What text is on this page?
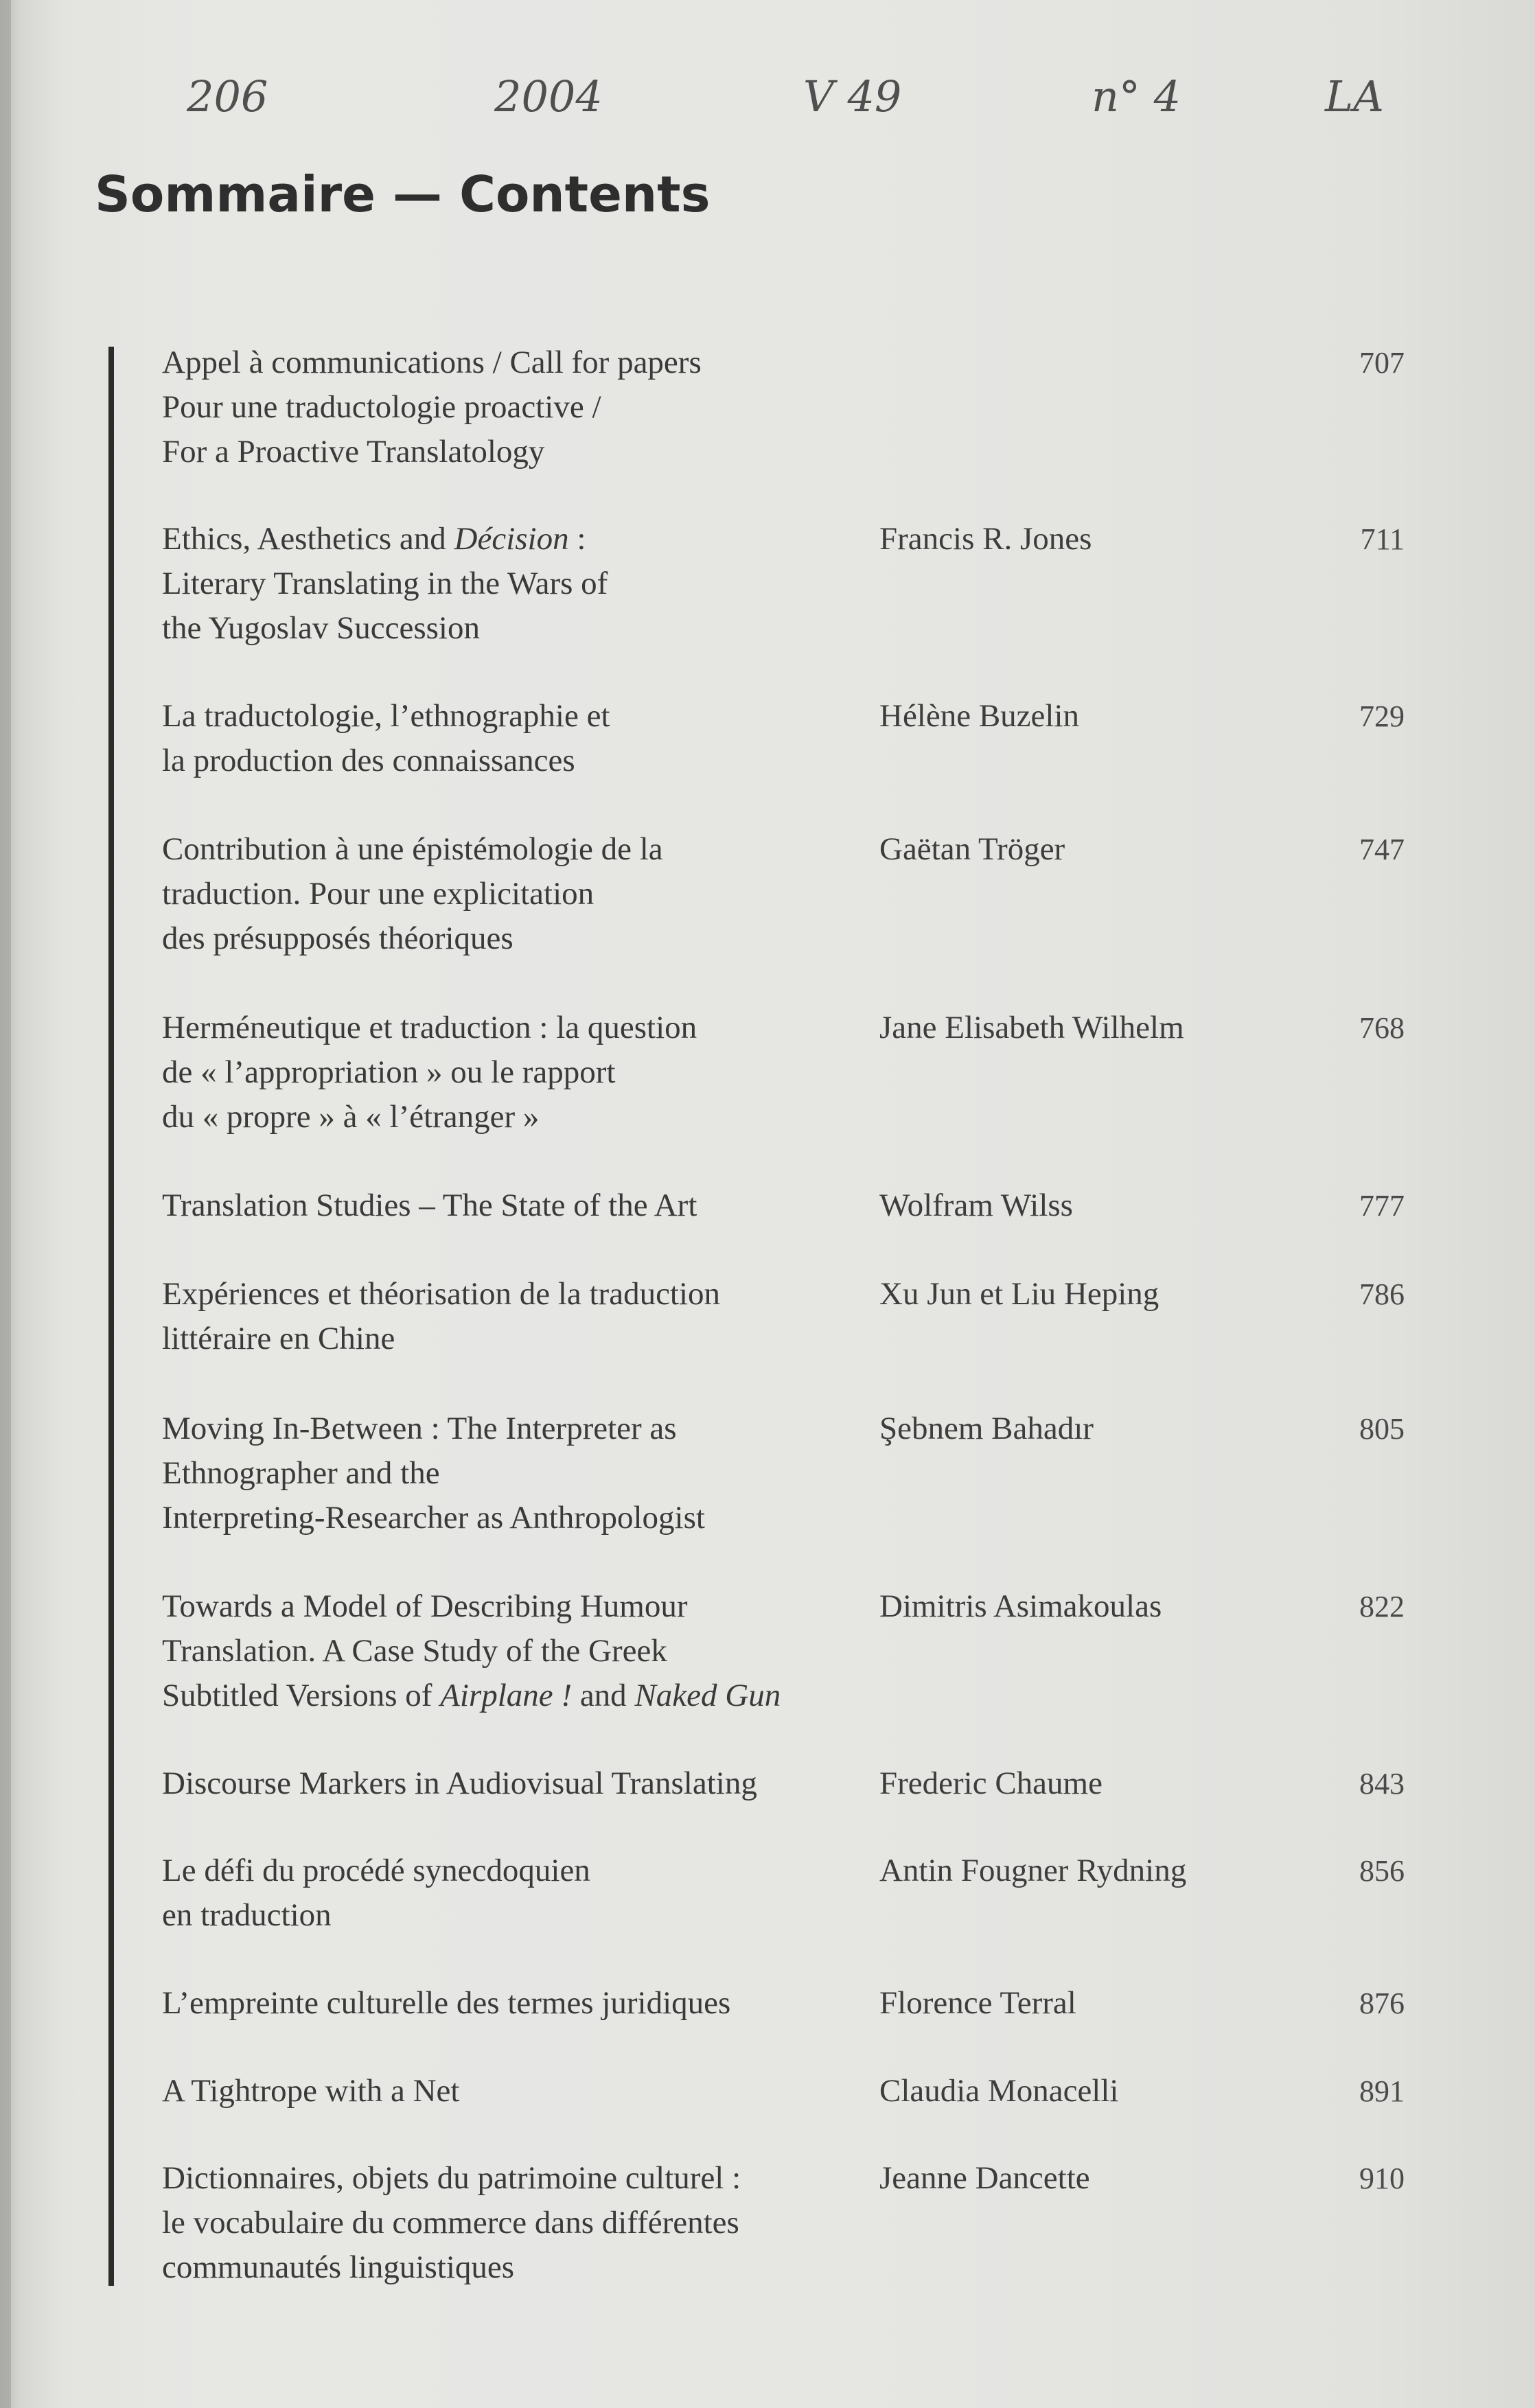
206	2004	V 49	n° 4	LA
Sommaire — Contents
Appel à communications / Call for papers
Pour une traductologie proactive /
For a Proactive Translatology
707
Ethics, Aesthetics and Décision :
Literary Translating in the Wars of
the Yugoslav Succession
Francis R. Jones	711
La traductologie, l’ethnographie et
la production des connaissances
Hélène Buzelin	729
Contribution à une épistémologie de la
traduction. Pour une explicitation
des présupposés théoriques
Gaëtan Tröger	747
Herméneutique et traduction : la question
de « l’appropriation » ou le rapport
du « propre » à « l’étranger »
Jane Elisabeth Wilhelm	768
Translation Studies – The State of the Art	Wolfram Wilss	777
Expériences et théorisation de la traduction
littéraire en Chine
Xu Jun et Liu Heping	786
Moving In-Between : The Interpreter as
Ethnographer and the
Interpreting-Researcher as Anthropologist
Şebnem Bahadır	805
Towards a Model of Describing Humour
Translation. A Case Study of the Greek
Subtitled Versions of Airplane ! and Naked Gun
Dimitris Asimakoulas	822
Discourse Markers in Audiovisual Translating	Frederic Chaume	843
Le défi du procédé synecdoquien
en traduction
Antin Fougner Rydning	856
L’empreinte culturelle des termes juridiques	Florence Terral	876
A Tightrope with a Net	Claudia Monacelli	891
Dictionnaires, objets du patrimoine culturel :
le vocabulaire du commerce dans différentes
communautés linguistiques
Jeanne Dancette	910
